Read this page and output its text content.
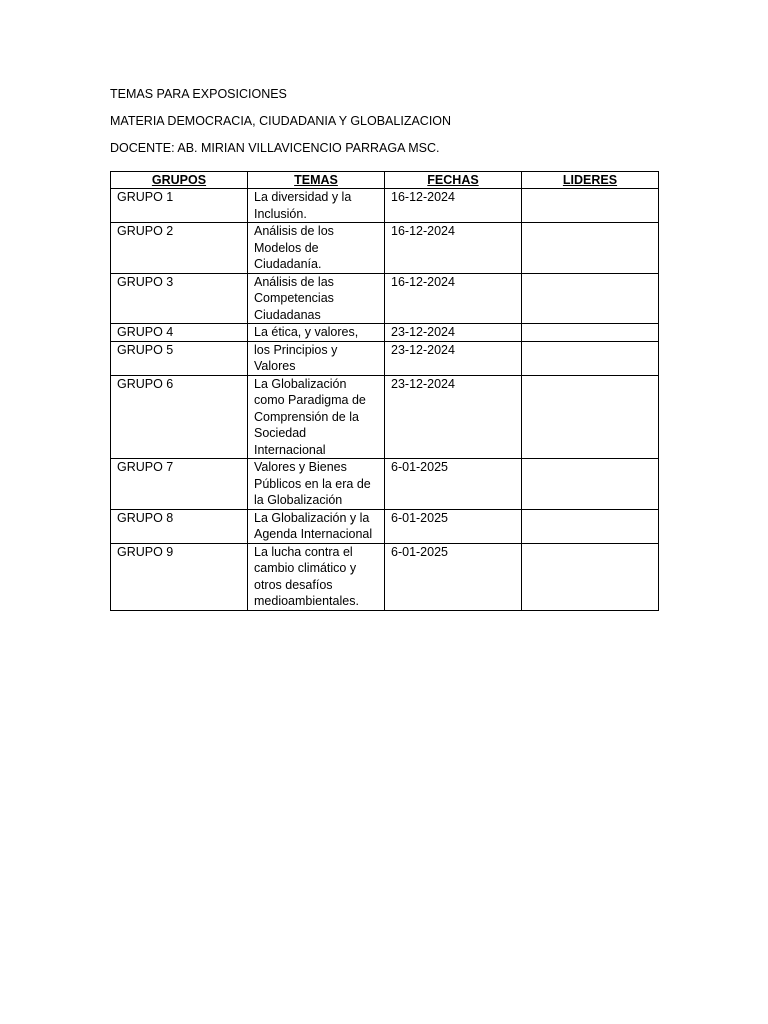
TEMAS PARA EXPOSICIONES
MATERIA DEMOCRACIA, CIUDADANIA Y GLOBALIZACION
DOCENTE: AB. MIRIAN VILLAVICENCIO PARRAGA MSC.
GRUPOS	TEMAS	FECHAS	LIDERES
GRUPO 1	La diversidad y la Inclusión.	16-12-2024	
GRUPO 2	Análisis de los Modelos de Ciudadanía.	16-12-2024	
GRUPO 3	Análisis de las Competencias Ciudadanas	16-12-2024	
GRUPO 4	La ética, y valores,	23-12-2024	
GRUPO 5	los Principios y Valores	23-12-2024	
GRUPO 6	La Globalización como Paradigma de Comprensión de la Sociedad Internacional	23-12-2024	
GRUPO 7	Valores y Bienes Públicos en la era de la Globalización	6-01-2025	
GRUPO 8	La Globalización y la Agenda Internacional	6-01-2025	
GRUPO 9	La lucha contra el cambio climático y otros desafíos medioambientales.	6-01-2025	
